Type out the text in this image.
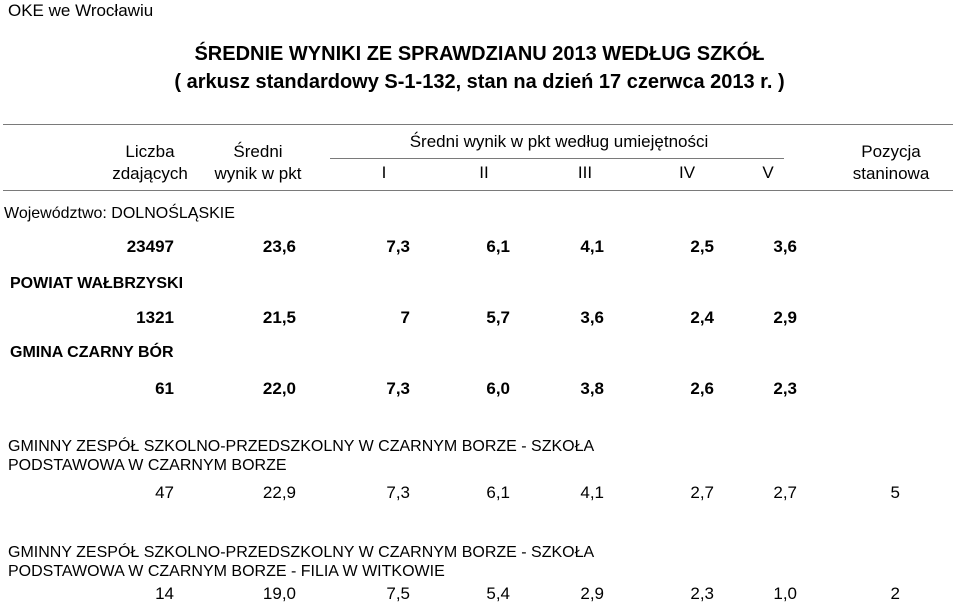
OKE we Wrocławiu
ŚREDNIE WYNIKI ZE SPRAWDZIANU 2013 WEDŁUG SZKÓŁ
( arkusz standardowy S-1-132, stan na dzień 17 czerwca 2013 r. )
Liczba
zdających
Średni
wynik w pkt
Średni wynik w pkt według umiejętności
I	II	III	IV	V
Pozycja
staninowa
Województwo: DOLNOŚLĄSKIE
23497	23,6	7,3	6,1	4,1	2,5	3,6
POWIAT WAŁBRZYSKI
1321	21,5	7	5,7	3,6	2,4	2,9
GMINA CZARNY BÓR
61	22,0	7,3	6,0	3,8	2,6	2,3
GMINNY ZESPÓŁ SZKOLNO-PRZEDSZKOLNY W CZARNYM BORZE - SZKOŁA
PODSTAWOWA W CZARNYM BORZE
47	22,9	7,3	6,1	4,1	2,7	2,7	5
GMINNY ZESPÓŁ SZKOLNO-PRZEDSZKOLNY W CZARNYM BORZE - SZKOŁA
PODSTAWOWA W CZARNYM BORZE - FILIA W WITKOWIE
14	19,0	7,5	5,4	2,9	2,3	1,0	2
